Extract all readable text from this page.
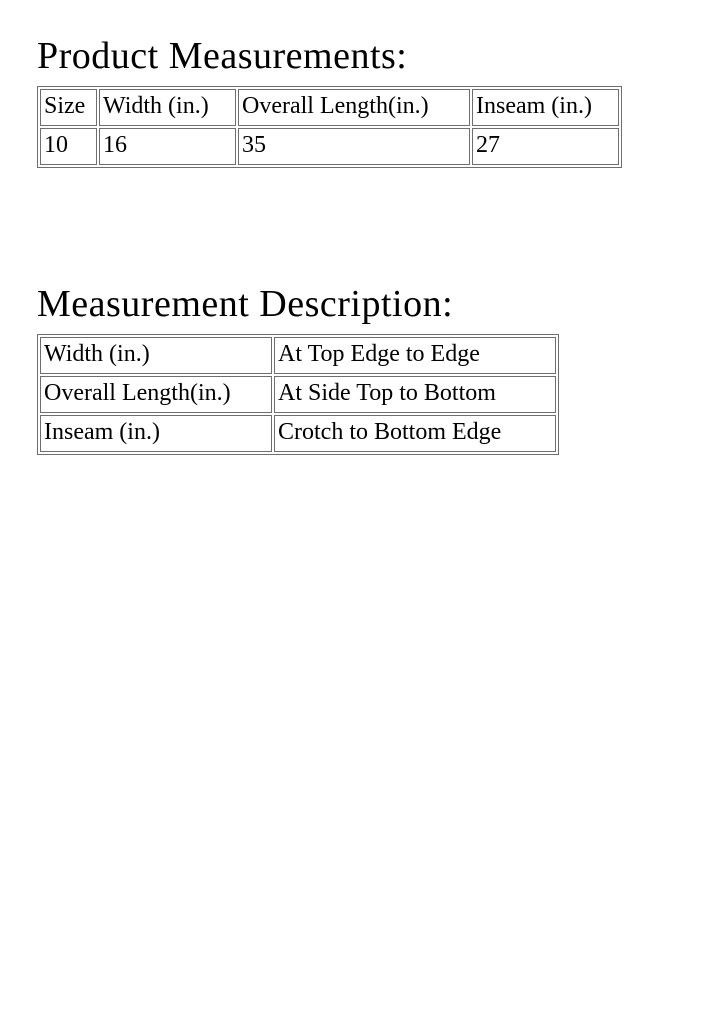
Product Measurements:
Size	Width (in.)	Overall Length(in.)	Inseam (in.)
10	16	35	27
Measurement Description:
Width (in.)	At Top Edge to Edge
Overall Length(in.)	At Side Top to Bottom
Inseam (in.)	Crotch to Bottom Edge
